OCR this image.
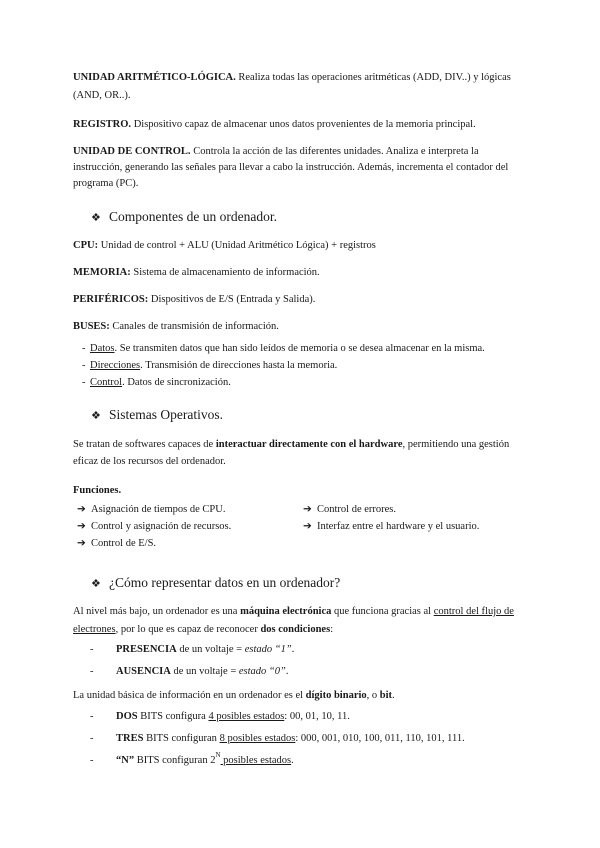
UNIDAD ARITMÉTICO-LÓGICA. Realiza todas las operaciones aritméticas (ADD, DIV..) y lógicas
(AND, OR..).
REGISTRO. Dispositivo capaz de almacenar unos datos provenientes de la memoria principal.
UNIDAD DE CONTROL. Controla la acción de las diferentes unidades. Analiza e interpreta la
instrucción, generando las señales para llevar a cabo la instrucción. Además, incrementa el contador del
programa (PC).
❖ Componentes de un ordenador.
CPU: Unidad de control + ALU (Unidad Aritmético Lógica) + registros
MEMORIA: Sistema de almacenamiento de información.
PERIFÉRICOS: Dispositivos de E/S (Entrada y Salida).
BUSES: Canales de transmisión de información.
- Datos. Se transmiten datos que han sido leídos de memoria o se desea almacenar en la misma.
- Direcciones. Transmisión de direcciones hasta la memoria.
- Control. Datos de sincronización.
❖ Sistemas Operativos.
Se tratan de softwares capaces de interactuar directamente con el hardware, permitiendo una gestión
eficaz de los recursos del ordenador.
Funciones.
➔ Asignación de tiempos de CPU.
➔ Control y asignación de recursos.
➔ Control de E/S.
➔ Control de errores.
➔ Interfaz entre el hardware y el usuario.
❖ ¿Cómo representar datos en un ordenador?
Al nivel más bajo, un ordenador es una máquina electrónica que funciona gracias al control del flujo de
electrones, por lo que es capaz de reconocer dos condiciones:
- PRESENCIA de un voltaje = estado “1”.
- AUSENCIA de un voltaje = estado “0”.
La unidad básica de información en un ordenador es el dígito binario, o bit.
- DOS BITS configura 4 posibles estados: 00, 01, 10, 11.
- TRES BITS configuran 8 posibles estados: 000, 001, 010, 100, 011, 110, 101, 111.
- “N” BITS configuran $2^N$ posibles estados.
